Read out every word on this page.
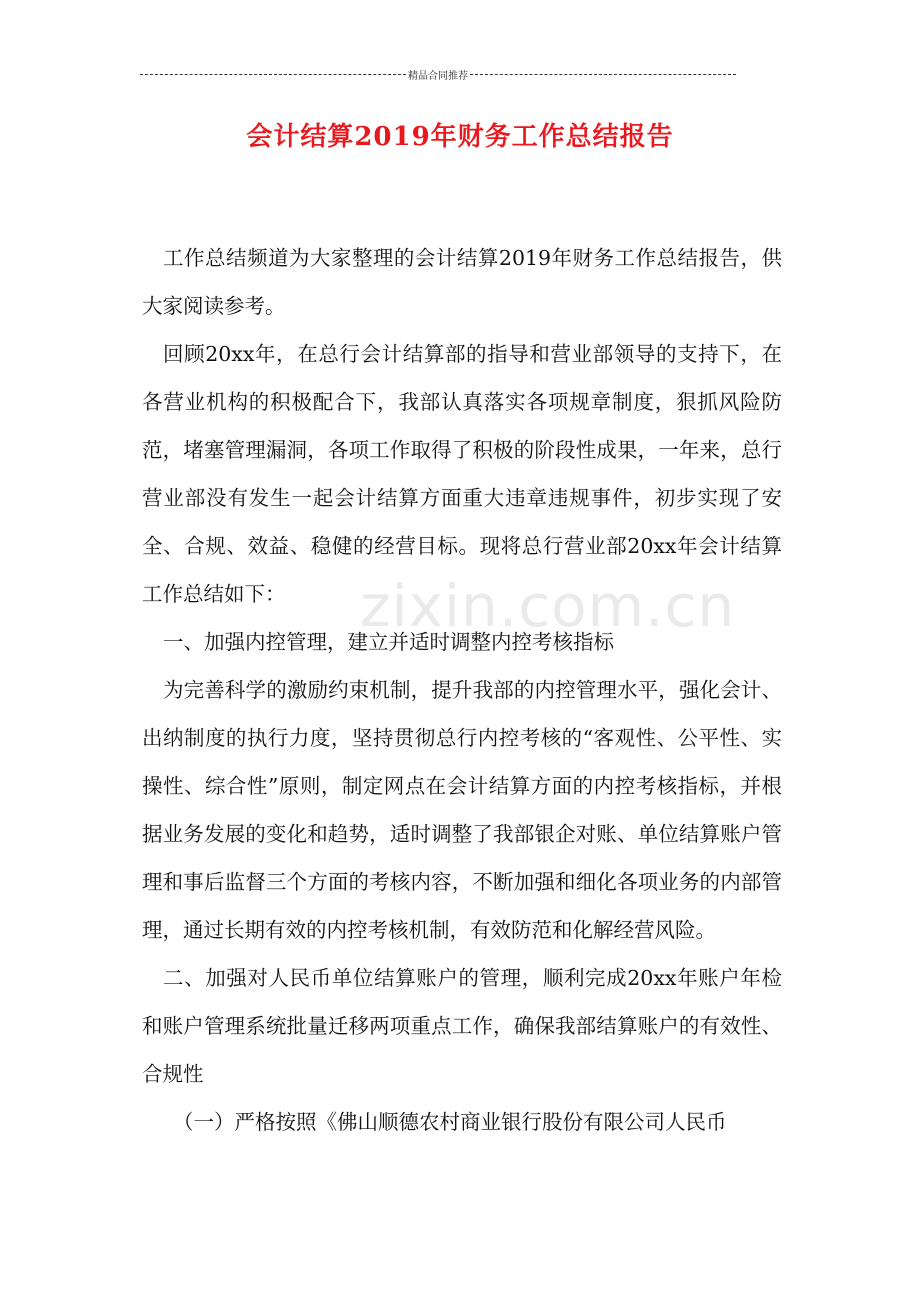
精品合同推荐
会计结算2019年财务工作总结报告

工作总结频道为大家整理的会计结算2019年财务工作总结报告，供大家阅读参考。

回顾20xx年，在总行会计结算部的指导和营业部领导的支持下，在各营业机构的积极配合下，我部认真落实各项规章制度，狠抓风险防范，堵塞管理漏洞，各项工作取得了积极的阶段性成果，一年来，总行营业部没有发生一起会计结算方面重大违章违规事件，初步实现了安全、合规、效益、稳健的经营目标。现将总行营业部20xx年会计结算工作总结如下：

一、加强内控管理，建立并适时调整内控考核指标

为完善科学的激励约束机制，提升我部的内控管理水平，强化会计、出纳制度的执行力度，坚持贯彻总行内控考核的“客观性、公平性、实操性、综合性”原则，制定网点在会计结算方面的内控考核指标，并根据业务发展的变化和趋势，适时调整了我部银企对账、单位结算账户管理和事后监督三个方面的考核内容，不断加强和细化各项业务的内部管理，通过长期有效的内控考核机制，有效防范和化解经营风险。

二、加强对人民币单位结算账户的管理，顺利完成20xx年账户年检和账户管理系统批量迁移两项重点工作，确保我部结算账户的有效性、合规性

（一）严格按照《佛山顺德农村商业银行股份有限公司人民币

zixin.com.cn
